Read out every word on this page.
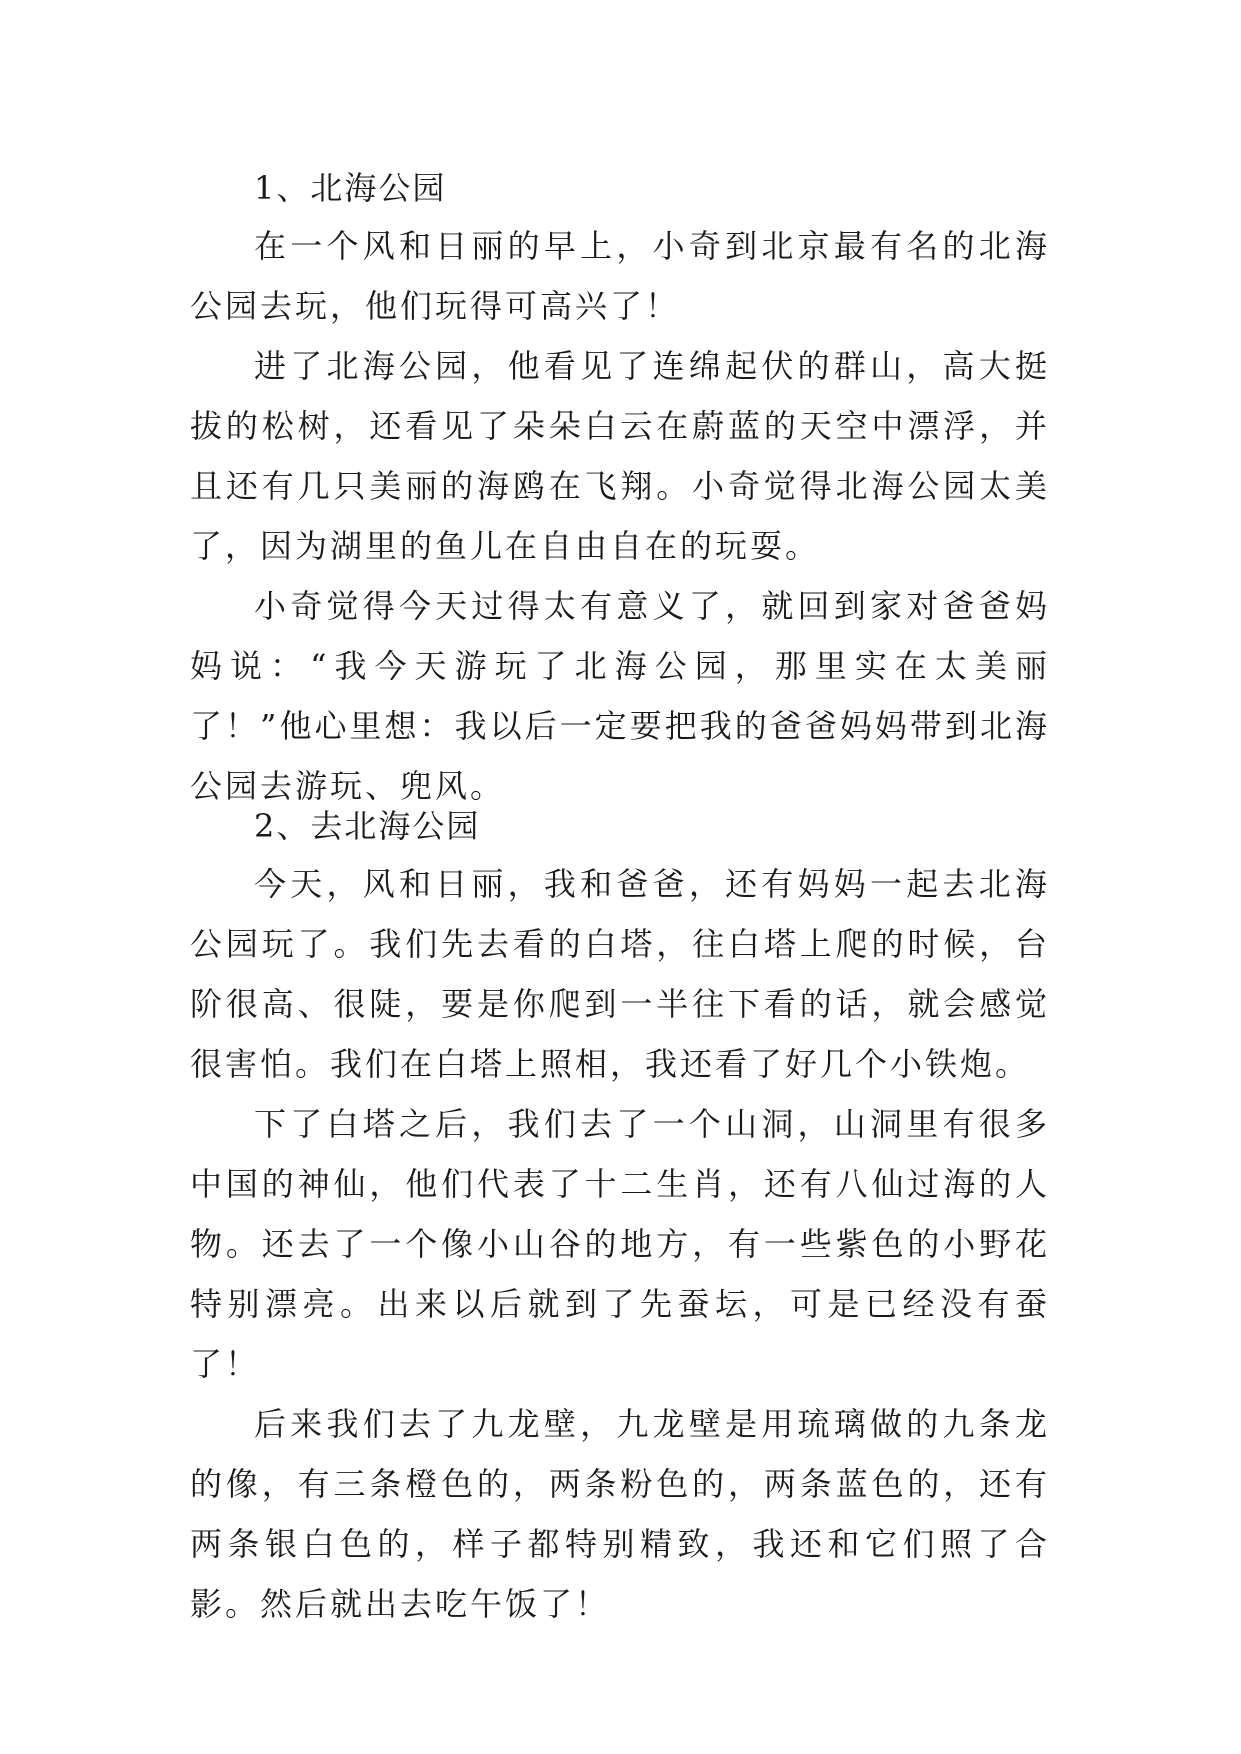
1、北海公园

在一个风和日丽的早上，小奇到北京最有名的北海公园去玩，他们玩得可高兴了！

进了北海公园，他看见了连绵起伏的群山，高大挺拔的松树，还看见了朵朵白云在蔚蓝的天空中漂浮，并且还有几只美丽的海鸥在飞翔。小奇觉得北海公园太美了，因为湖里的鱼儿在自由自在的玩耍。

小奇觉得今天过得太有意义了，就回到家对爸爸妈妈说：“我今天游玩了北海公园，那里实在太美丽了！”他心里想：我以后一定要把我的爸爸妈妈带到北海公园去游玩、兜风。

2、去北海公园

今天，风和日丽，我和爸爸，还有妈妈一起去北海公园玩了。我们先去看的白塔，往白塔上爬的时候，台阶很高、很陡，要是你爬到一半往下看的话，就会感觉很害怕。我们在白塔上照相，我还看了好几个小铁炮。

下了白塔之后，我们去了一个山洞，山洞里有很多中国的神仙，他们代表了十二生肖，还有八仙过海的人物。还去了一个像小山谷的地方，有一些紫色的小野花特别漂亮。出来以后就到了先蚕坛，可是已经没有蚕了！

后来我们去了九龙壁，九龙壁是用琉璃做的九条龙的像，有三条橙色的，两条粉色的，两条蓝色的，还有两条银白色的，样子都特别精致，我还和它们照了合影。然后就出去吃午饭了！
